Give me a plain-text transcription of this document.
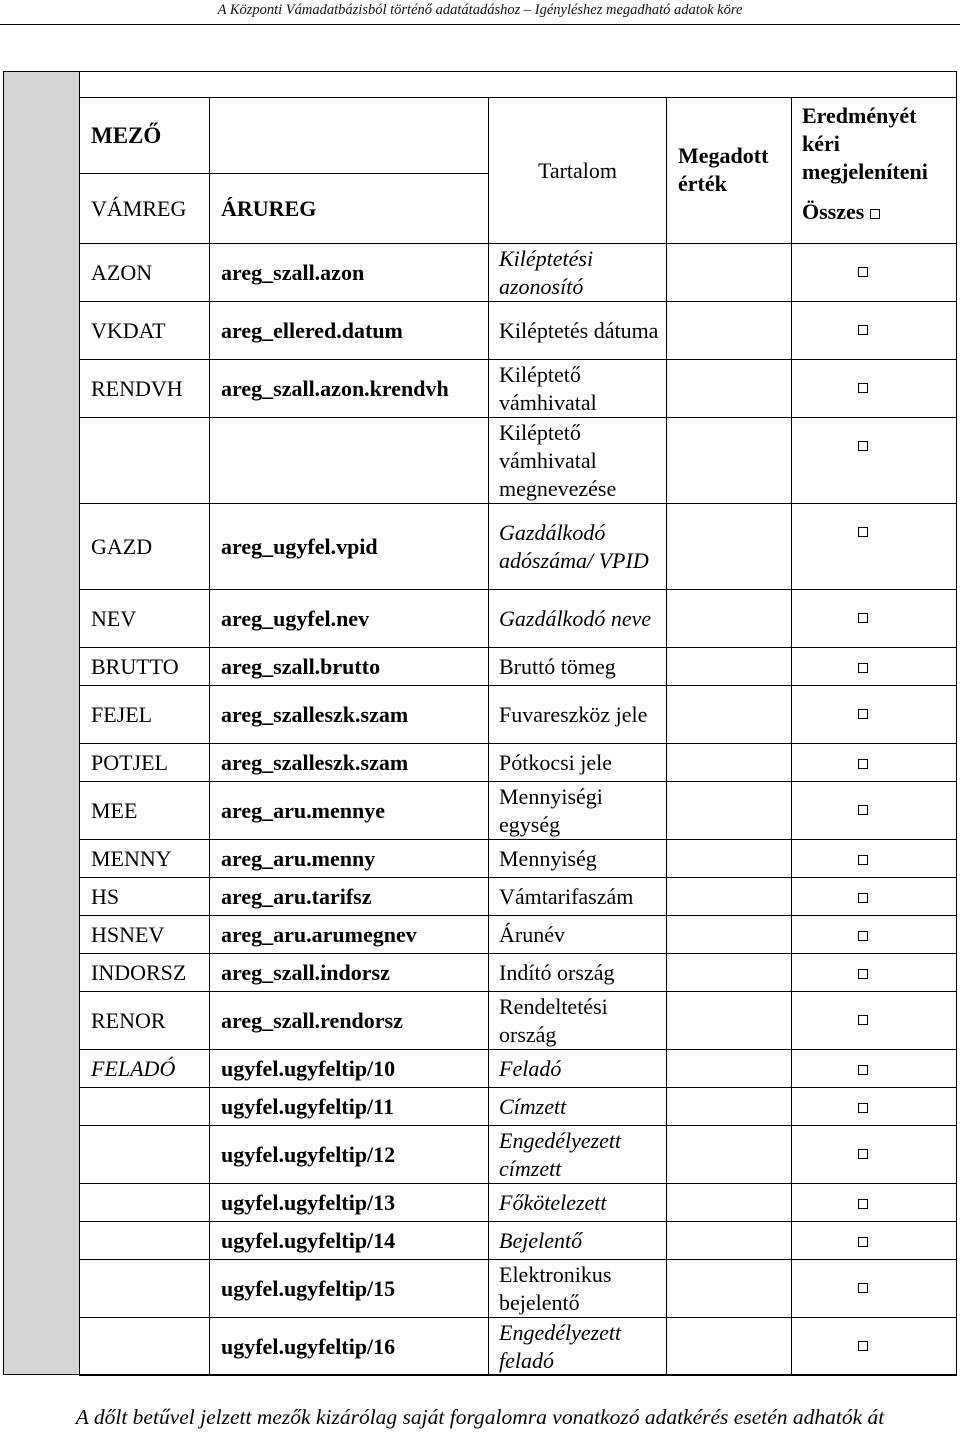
A Központi Vámadatbázisból történő adatátadáshoz – Igényléshez megadható adatok köre
MEZŐ		Tartalom	Megadott érték	Eredményét kéri megjeleníteni
Összes
VÁMREG	ÁRUREG			
AZON	areg_szall.azon	Kiléptetési azonosító		
VKDAT	areg_ellered.datum	Kiléptetés dátuma		
RENDVH	areg_szall.azon.krendvh	Kiléptető vámhivatal		
		Kiléptető vámhivatal megnevezése		
GAZD	areg_ugyfel.vpid	Gazdálkodó adószáma/ VPID		
NEV	areg_ugyfel.nev	Gazdálkodó neve		
BRUTTO	areg_szall.brutto	Bruttó tömeg		
FEJEL	areg_szalleszk.szam	Fuvareszköz jele		
POTJEL	areg_szalleszk.szam	Pótkocsi jele		
MEE	areg_aru.mennye	Mennyiségi egység		
MENNY	areg_aru.menny	Mennyiség		
HS	areg_aru.tarifsz	Vámtarifaszám		
HSNEV	areg_aru.arumegnev	Árunév		
INDORSZ	areg_szall.indorsz	Indító ország		
RENOR	areg_szall.rendorsz	Rendeltetési ország		
FELADÓ	ugyfel.ugyfeltip/10	Feladó		
	ugyfel.ugyfeltip/11	Címzett		
	ugyfel.ugyfeltip/12	Engedélyezett címzett		
	ugyfel.ugyfeltip/13	Főkötelezett		
	ugyfel.ugyfeltip/14	Bejelentő		
	ugyfel.ugyfeltip/15	Elektronikus bejelentő		
	ugyfel.ugyfeltip/16	Engedélyezett feladó		
A dőlt betűvel jelzett mezők kizárólag saját forgalomra vonatkozó adatkérés esetén adhatók át
